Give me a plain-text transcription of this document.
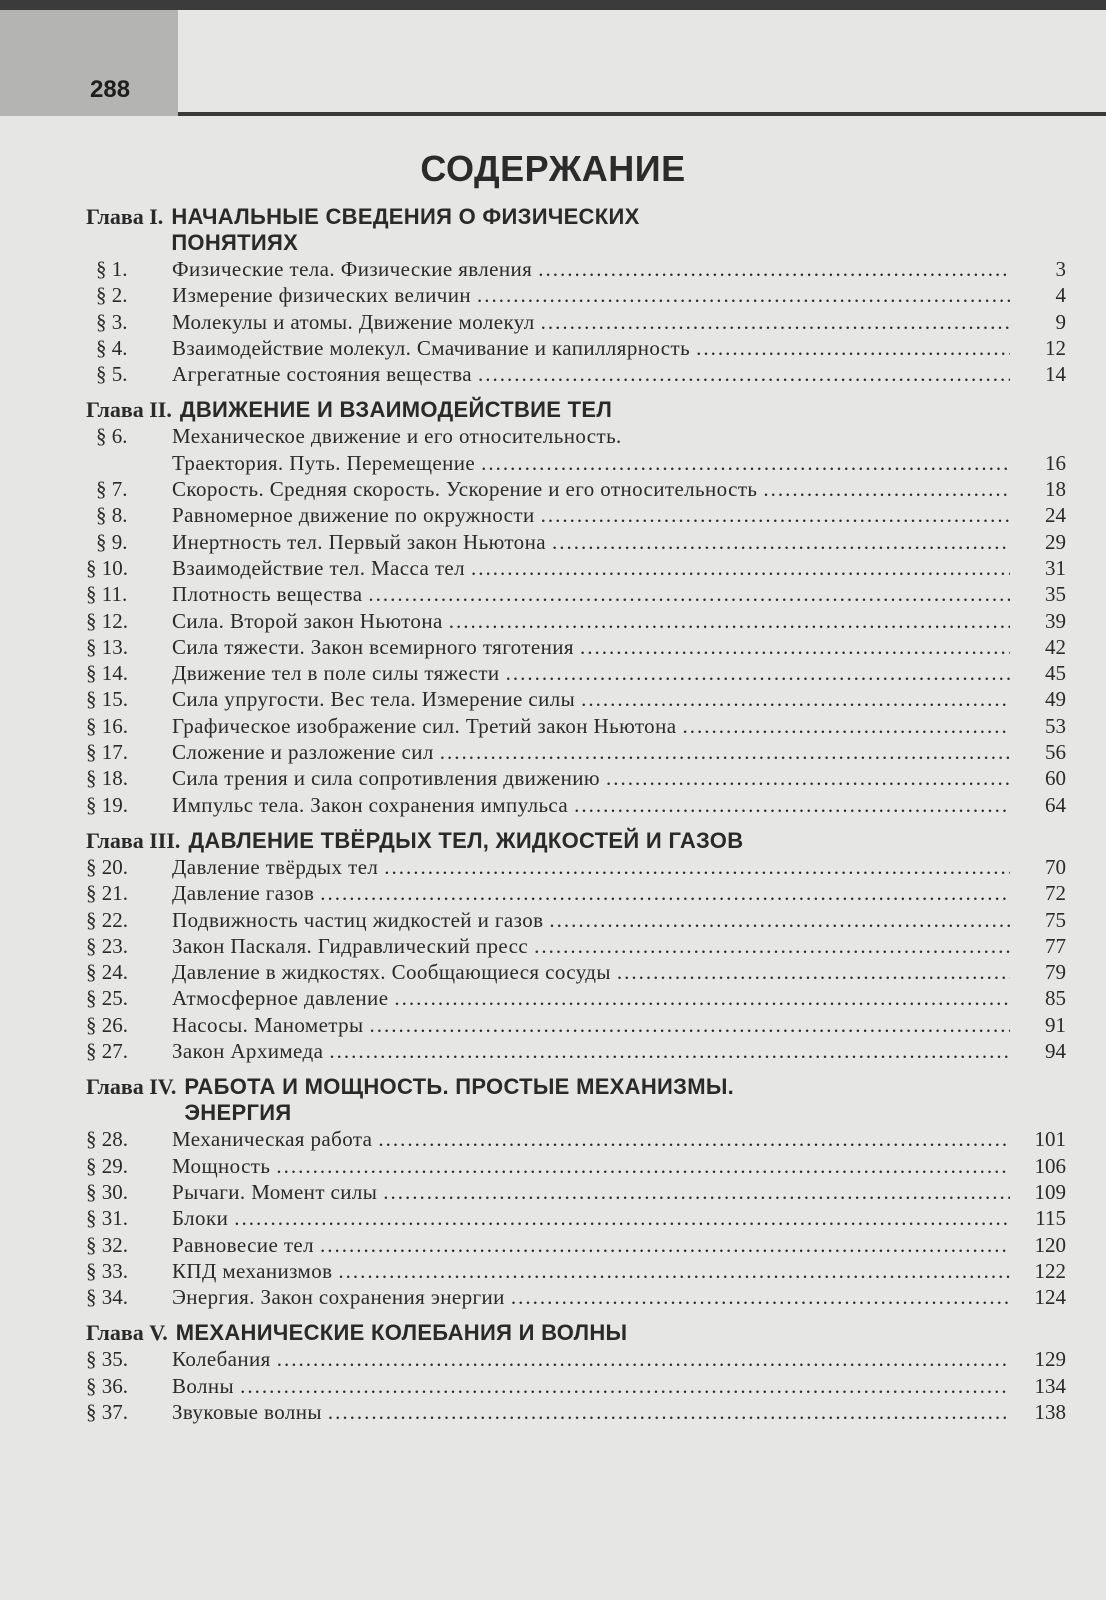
288
СОДЕРЖАНИЕ
Глава I. НАЧАЛЬНЫЕ СВЕДЕНИЯ О ФИЗИЧЕСКИХ
ПОНЯТИЯХ
§ 1.	Физические тела. Физические явления .....	3
§ 2.	Измерение физических величин .....	4
§ 3.	Молекулы и атомы. Движение молекул .....	9
§ 4.	Взаимодействие молекул. Смачивание и капиллярность .....	12
§ 5.	Агрегатные состояния вещества .....	14
Глава II. ДВИЖЕНИЕ И ВЗАИМОДЕЙСТВИЕ ТЕЛ
§ 6.	Механическое движение и его относительность.
Траектория. Путь. Перемещение .....	16
§ 7.	Скорость. Средняя скорость. Ускорение и его относительность .....	18
§ 8.	Равномерное движение по окружности .....	24
§ 9.	Инертность тел. Первый закон Ньютона .....	29
§ 10.	Взаимодействие тел. Масса тел .....	31
§ 11.	Плотность вещества .....	35
§ 12.	Сила. Второй закон Ньютона .....	39
§ 13.	Сила тяжести. Закон всемирного тяготения .....	42
§ 14.	Движение тел в поле силы тяжести .....	45
§ 15.	Сила упругости. Вес тела. Измерение силы .....	49
§ 16.	Графическое изображение сил. Третий закон Ньютона .....	53
§ 17.	Сложение и разложение сил .....	56
§ 18.	Сила трения и сила сопротивления движению .....	60
§ 19.	Импульс тела. Закон сохранения импульса .....	64
Глава III. ДАВЛЕНИЕ ТВЁРДЫХ ТЕЛ, ЖИДКОСТЕЙ И ГАЗОВ
§ 20.	Давление твёрдых тел .....	70
§ 21.	Давление газов .....	72
§ 22.	Подвижность частиц жидкостей и газов .....	75
§ 23.	Закон Паскаля. Гидравлический пресс .....	77
§ 24.	Давление в жидкостях. Сообщающиеся сосуды .....	79
§ 25.	Атмосферное давление .....	85
§ 26.	Насосы. Манометры .....	91
§ 27.	Закон Архимеда .....	94
Глава IV. РАБОТА И МОЩНОСТЬ. ПРОСТЫЕ МЕХАНИЗМЫ.
ЭНЕРГИЯ
§ 28.	Механическая работа .....	101
§ 29.	Мощность .....	106
§ 30.	Рычаги. Момент силы .....	109
§ 31.	Блоки .....	115
§ 32.	Равновесие тел .....	120
§ 33.	КПД механизмов .....	122
§ 34.	Энергия. Закон сохранения энергии .....	124
Глава V. МЕХАНИЧЕСКИЕ КОЛЕБАНИЯ И ВОЛНЫ
§ 35.	Колебания .....	129
§ 36.	Волны .....	134
§ 37.	Звуковые волны .....	138
